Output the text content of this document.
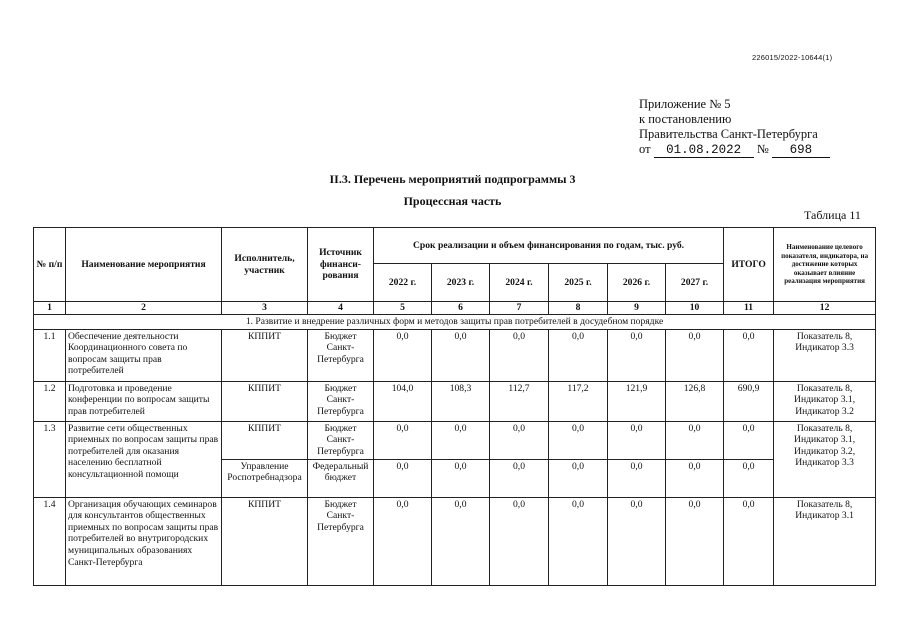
226015/2022-10644(1)
Приложение № 5
к постановлению
Правительства Санкт-Петербурга
от
	01.08.2022
	№
	698
II.3. Перечень мероприятий подпрограммы 3
Процессная часть
Таблица 11
№ п/п	Наименование мероприятия	Исполнитель, участник	Источник финанси-рования	Срок реализации и объем финансирования по годам, тыс. руб.						ИТОГО	Наименование целевого показателя, индикатора, на достижение которых оказывает влияние реализация мероприятия
				2022 г.	2023 г.	2024 г.	2025 г.	2026 г.	2027 г.		
1	2	3	4	5	6	7	8	9	10	11	12
1. Развитие и внедрение различных форм и методов защиты прав потребителей в досудебном порядке											
1.1	Обеспечение деятельности Координационного совета по вопросам защиты прав потребителей	КППИТ	Бюджет Санкт-Петербурга	0,0	0,0	0,0	0,0	0,0	0,0	0,0	Показатель 8, Индикатор 3.3
1.2	Подготовка и проведение конференции по вопросам защиты прав потребителей	КППИТ	Бюджет Санкт-Петербурга	104,0	108,3	112,7	117,2	121,9	126,8	690,9	Показатель 8, Индикатор 3.1, Индикатор 3.2
1.3	Развитие сети общественных приемных по вопросам защиты прав потребителей для оказания населению бесплатной консультационной помощи	КППИТ	Бюджет Санкт-Петербурга	0,0	0,0	0,0	0,0	0,0	0,0	0,0	Показатель 8, Индикатор 3.1, Индикатор 3.2, Индикатор 3.3
		Управление Роспотребнадзора	Федеральный бюджет	0,0	0,0	0,0	0,0	0,0	0,0	0,0	
1.4	Организация обучающих семинаров для консультантов общественных приемных по вопросам защиты прав потребителей во внутригородских муниципальных образованиях Санкт-Петербурга	КППИТ	Бюджет Санкт-Петербурга	0,0	0,0	0,0	0,0	0,0	0,0	0,0	Показатель 8, Индикатор 3.1
